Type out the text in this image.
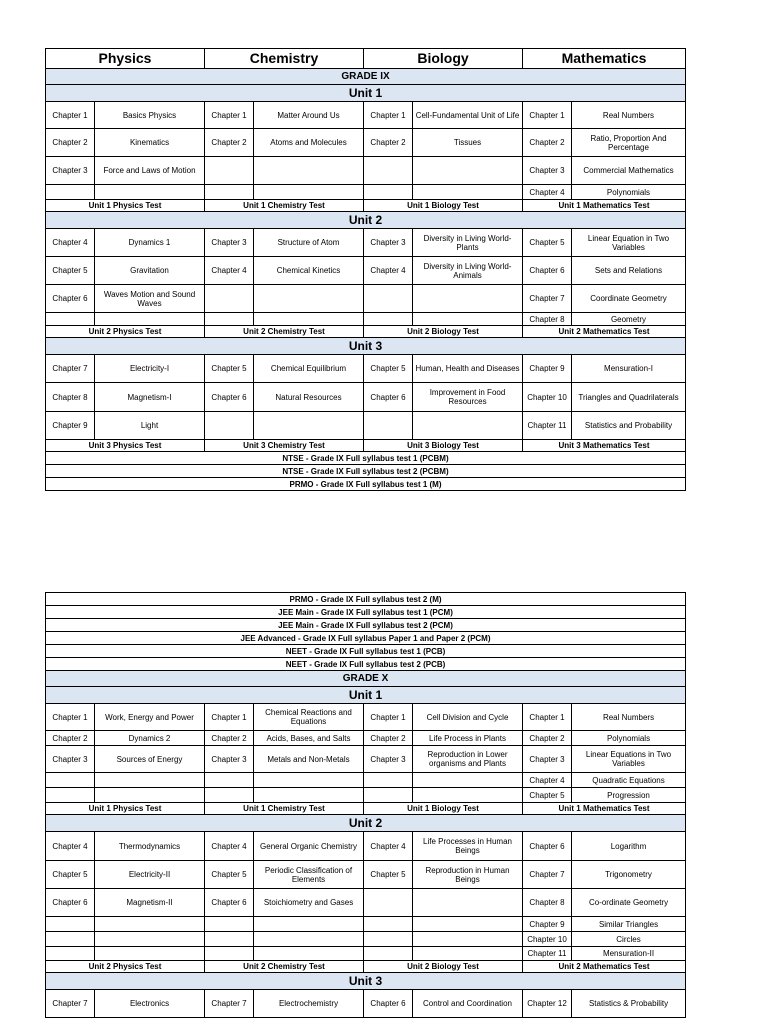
Physics		Chemistry		Biology		Mathematics	
GRADE IX							
Unit 1							
Chapter 1	Basics Physics	Chapter 1	Matter Around Us	Chapter 1	Cell-Fundamental Unit of Life	Chapter 1	Real Numbers
Chapter 2	Kinematics	Chapter 2	Atoms and Molecules	Chapter 2	Tissues	Chapter 2	Ratio, Proportion And Percentage
Chapter 3	Force and Laws of Motion					Chapter 3	Commercial Mathematics
						Chapter 4	Polynomials
Unit 1 Physics Test		Unit 1 Chemistry Test		Unit 1 Biology Test		Unit 1 Mathematics Test	
Unit 2							
Chapter 4	Dynamics 1	Chapter 3	Structure of Atom	Chapter 3	Diversity in Living World-Plants	Chapter 5	Linear Equation in Two Variables
Chapter 5	Gravitation	Chapter 4	Chemical Kinetics	Chapter 4	Diversity in Living World-Animals	Chapter 6	Sets and Relations
Chapter 6	Waves Motion and Sound Waves					Chapter 7	Coordinate Geometry
						Chapter 8	Geometry
Unit 2 Physics Test		Unit 2 Chemistry Test		Unit 2 Biology Test		Unit 2 Mathematics Test	
Unit 3							
Chapter 7	Electricity-I	Chapter 5	Chemical Equilibrium	Chapter 5	Human, Health and Diseases	Chapter 9	Mensuration-I
Chapter 8	Magnetism-I	Chapter 6	Natural Resources	Chapter 6	Improvement in Food Resources	Chapter 10	Triangles and Quadrilaterals
Chapter 9	Light					Chapter 11	Statistics and Probability
Unit 3 Physics Test		Unit 3 Chemistry Test		Unit 3 Biology Test		Unit 3 Mathematics Test	
NTSE - Grade IX Full syllabus test 1 (PCBM)							
NTSE - Grade IX Full syllabus test 2 (PCBM)							
PRMO - Grade IX Full syllabus test 1 (M)							
PRMO - Grade IX Full syllabus test 2 (M)							
JEE Main - Grade IX Full syllabus test 1 (PCM)							
JEE Main - Grade IX Full syllabus test 2 (PCM)							
JEE Advanced - Grade IX Full syllabus Paper 1 and Paper 2 (PCM)							
NEET - Grade IX Full syllabus test 1 (PCB)							
NEET - Grade IX Full syllabus test 2 (PCB)							
GRADE X							
Unit 1							
Chapter 1	Work, Energy and Power	Chapter 1	Chemical Reactions and Equations	Chapter 1	Cell Division and Cycle	Chapter 1	Real Numbers
Chapter 2	Dynamics 2	Chapter 2	Acids, Bases, and Salts	Chapter 2	Life Process in Plants	Chapter 2	Polynomials
Chapter 3	Sources of Energy	Chapter 3	Metals and Non-Metals	Chapter 3	Reproduction in Lower organisms and Plants	Chapter 3	Linear Equations in Two Variables
						Chapter 4	Quadratic Equations
						Chapter 5	Progression
Unit 1 Physics Test		Unit 1 Chemistry Test		Unit 1 Biology Test		Unit 1 Mathematics Test	
Unit 2							
Chapter 4	Thermodynamics	Chapter 4	General Organic Chemistry	Chapter 4	Life Processes in Human Beings	Chapter 6	Logarithm
Chapter 5	Electricity-II	Chapter 5	Periodic Classification of Elements	Chapter 5	Reproduction in Human Beings	Chapter 7	Trigonometry
Chapter 6	Magnetism-II	Chapter 6	Stoichiometry and Gases			Chapter 8	Co-ordinate Geometry
						Chapter 9	Similar Triangles
						Chapter 10	Circles
						Chapter 11	Mensuration-II
Unit 2 Physics Test		Unit 2 Chemistry Test		Unit 2 Biology Test		Unit 2 Mathematics Test	
Unit 3							
Chapter 7	Electronics	Chapter 7	Electrochemistry	Chapter 6	Control and Coordination	Chapter 12	Statistics & Probability
